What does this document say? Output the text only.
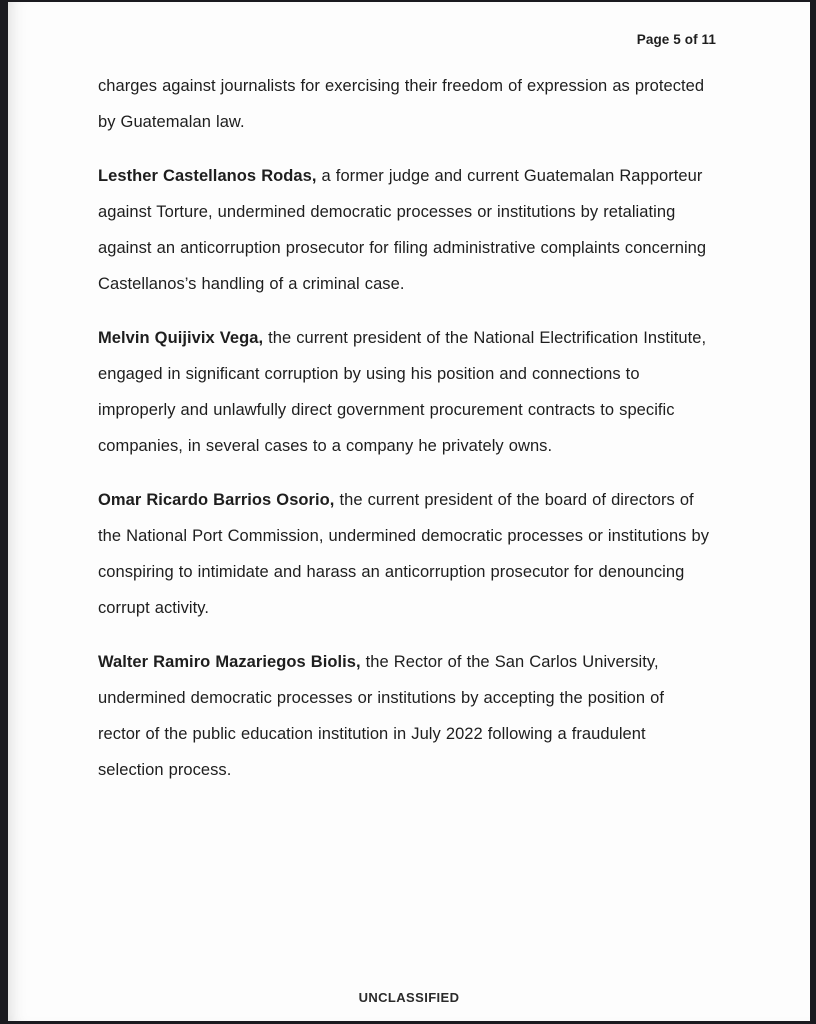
Page 5 of 11

charges against journalists for exercising their freedom of expression as protected by Guatemalan law.

Lesther Castellanos Rodas, a former judge and current Guatemalan Rapporteur against Torture, undermined democratic processes or institutions by retaliating against an anticorruption prosecutor for filing administrative complaints concerning Castellanos’s handling of a criminal case.

Melvin Quijivix Vega, the current president of the National Electrification Institute, engaged in significant corruption by using his position and connections to improperly and unlawfully direct government procurement contracts to specific companies, in several cases to a company he privately owns.

Omar Ricardo Barrios Osorio, the current president of the board of directors of the National Port Commission, undermined democratic processes or institutions by conspiring to intimidate and harass an anticorruption prosecutor for denouncing corrupt activity.

Walter Ramiro Mazariegos Biolis, the Rector of the San Carlos University, undermined democratic processes or institutions by accepting the position of rector of the public education institution in July 2022 following a fraudulent selection process.

UNCLASSIFIED
